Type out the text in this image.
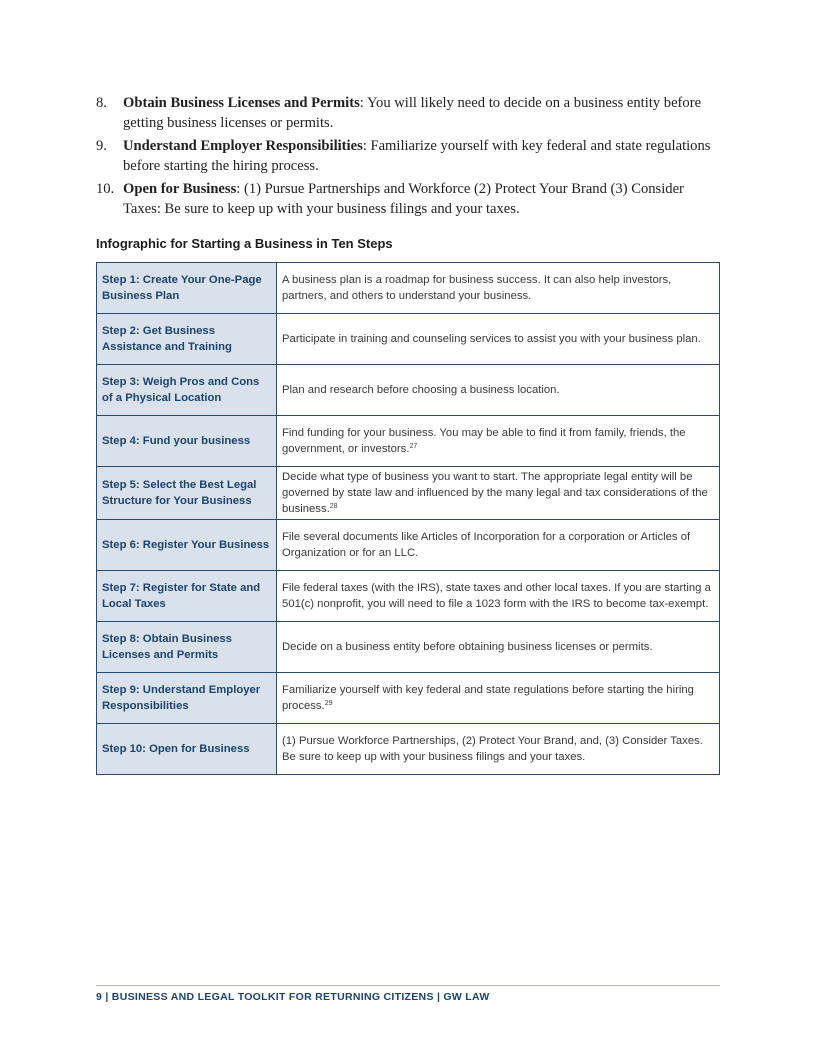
8. Obtain Business Licenses and Permits: You will likely need to decide on a business entity before getting business licenses or permits.
9. Understand Employer Responsibilities: Familiarize yourself with key federal and state regulations before starting the hiring process.
10. Open for Business: (1) Pursue Partnerships and Workforce (2) Protect Your Brand (3) Consider Taxes: Be sure to keep up with your business filings and your taxes.
Infographic for Starting a Business in Ten Steps
Step 1: Create Your One-Page Business Plan	A business plan is a roadmap for business success. It can also help investors, partners, and others to understand your business.
Step 2: Get Business Assistance and Training	Participate in training and counseling services to assist you with your business plan.
Step 3: Weigh Pros and Cons of a Physical Location	Plan and research before choosing a business location.
Step 4: Fund your business	Find funding for your business. You may be able to find it from family, friends, the government, or investors.$^{27}$
Step 5: Select the Best Legal Structure for Your Business	Decide what type of business you want to start. The appropriate legal entity will be governed by state law and influenced by the many legal and tax considerations of the business.$^{28}$
Step 6: Register Your Business	File several documents like Articles of Incorporation for a corporation or Articles of Organization or for an LLC.
Step 7: Register for State and Local Taxes	File federal taxes (with the IRS), state taxes and other local taxes. If you are starting a 501(c) nonprofit, you will need to file a 1023 form with the IRS to become tax-exempt.
Step 8: Obtain Business Licenses and Permits	Decide on a business entity before obtaining business licenses or permits.
Step 9: Understand Employer Responsibilities	Familiarize yourself with key federal and state regulations before starting the hiring process.$^{29}$
Step 10: Open for Business	(1) Pursue Workforce Partnerships, (2) Protect Your Brand, and, (3) Consider Taxes. Be sure to keep up with your business filings and your taxes.
9 | BUSINESS AND LEGAL TOOLKIT FOR RETURNING CITIZENS | GW LAW
